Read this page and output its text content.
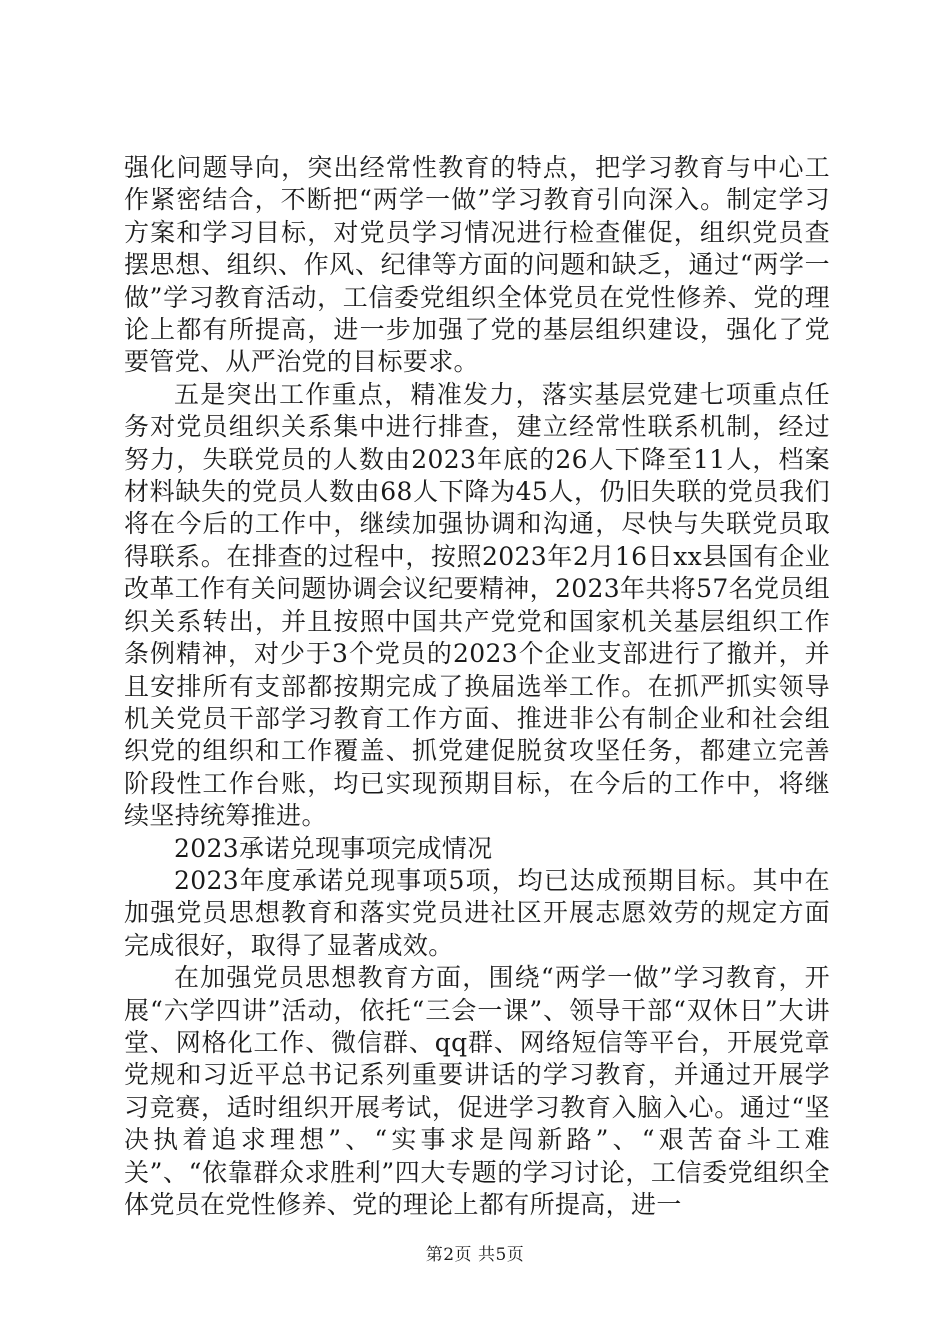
强化问题导向，突出经常性教育的特点，把学习教育与中心工作紧密结合，不断把“两学一做”学习教育引向深入。制定学习方案和学习目标，对党员学习情况进行检查催促，组织党员查摆思想、组织、作风、纪律等方面的问题和缺乏，通过“两学一做”学习教育活动，工信委党组织全体党员在党性修养、党的理论上都有所提高，进一步加强了党的基层组织建设，强化了党要管党、从严治党的目标要求。

五是突出工作重点，精准发力，落实基层党建七项重点任务对党员组织关系集中进行排查，建立经常性联系机制，经过努力，失联党员的人数由2023年底的26人下降至11人，档案材料缺失的党员人数由68人下降为45人，仍旧失联的党员我们将在今后的工作中，继续加强协调和沟通，尽快与失联党员取得联系。在排查的过程中，按照2023年2月16日xx县国有企业改革工作有关问题协调会议纪要精神，2023年共将57名党员组织关系转出，并且按照中国共产党党和国家机关基层组织工作条例精神，对少于3个党员的2023个企业支部进行了撤并，并且安排所有支部都按期完成了换届选举工作。在抓严抓实领导机关党员干部学习教育工作方面、推进非公有制企业和社会组织党的组织和工作覆盖、抓党建促脱贫攻坚任务，都建立完善阶段性工作台账，均已实现预期目标，在今后的工作中，将继续坚持统筹推进。

2023承诺兑现事项完成情况

2023年度承诺兑现事项5项，均已达成预期目标。其中在加强党员思想教育和落实党员进社区开展志愿效劳的规定方面完成很好，取得了显著成效。

在加强党员思想教育方面，围绕“两学一做”学习教育，开展“六学四讲”活动，依托“三会一课”、领导干部“双休日”大讲堂、网格化工作、微信群、qq群、网络短信等平台，开展党章党规和习近平总书记系列重要讲话的学习教育，并通过开展学习竞赛，适时组织开展考试，促进学习教育入脑入心。通过“坚决执着追求理想”、“实事求是闯新路”、“艰苦奋斗工难关”、“依靠群众求胜利”四大专题的学习讨论，工信委党组织全体党员在党性修养、党的理论上都有所提高，进一

第2页 共5页
